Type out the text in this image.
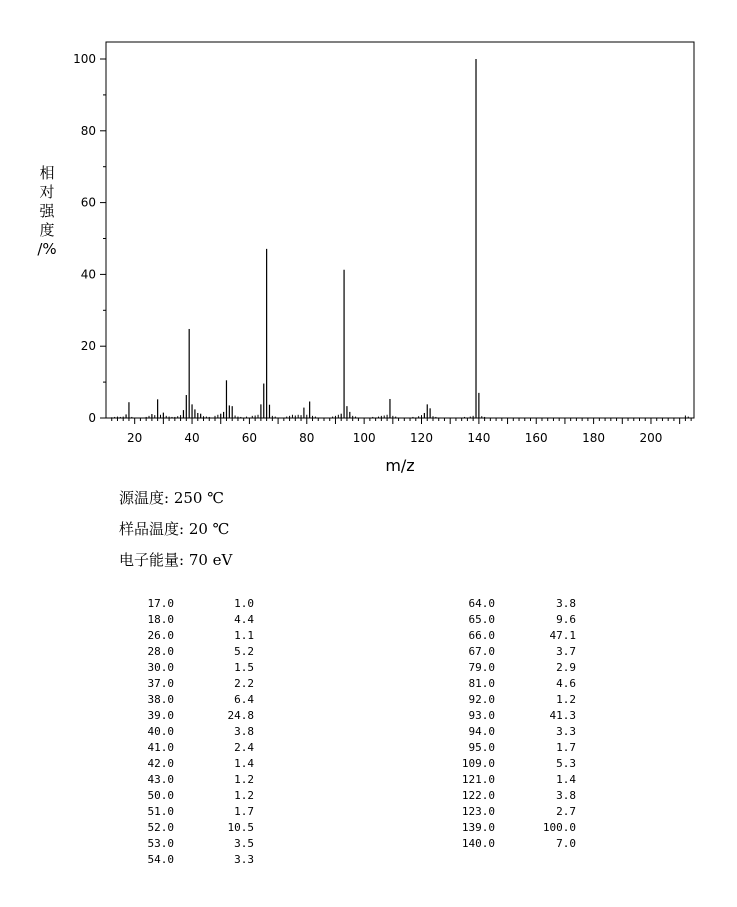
0
20
40
60
80
100
20	40	60	80	100	120	140	160	180	200
m/z
相
对
强
度
/%
源温度: 250 ℃
样品温度: 20 ℃
电子能量: 70 eV
17.0	1.0
18.0	4.4
26.0	1.1
28.0	5.2
30.0	1.5
37.0	2.2
38.0	6.4
39.0	24.8
40.0	3.8
41.0	2.4
42.0	1.4
43.0	1.2
50.0	1.2
51.0	1.7
52.0	10.5
53.0	3.5
54.0	3.3
64.0	3.8
65.0	9.6
66.0	47.1
67.0	3.7
79.0	2.9
81.0	4.6
92.0	1.2
93.0	41.3
94.0	3.3
95.0	1.7
109.0	5.3
121.0	1.4
122.0	3.8
123.0	2.7
139.0	100.0
140.0	7.0
